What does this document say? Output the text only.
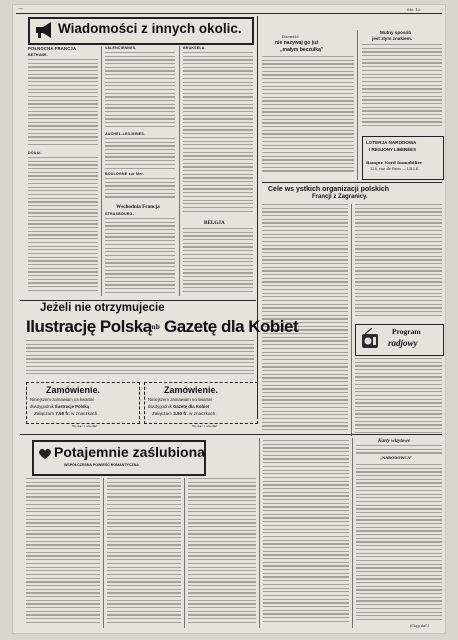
—	Str. 13
Wiadomości z innych okolic.
POŁNOCNA FRANCJA
BETHUNE.
DOUAI.
VALENCIENNES.
AUCHEL-LES-MINES.
BOULOGNE sur Mer.
Wschodnia Francja
STRASBOURG.
BRUKSELA.
BELGJA
Dzewiść
nie nazywaj go już
„małym beczułką”
Mutny sposób
jest zlym znakiem.
LOTERJA NARODOWA
I REGJONY LIBERÉES
Banque Nord Immobilier
125, rue de Paris — LILLE.
Cele ws ystkich organizacji polskich
Francji z Zagranicy.
Program
radjowy
Jeżeli nie otrzymujecie
Ilustrację Polską
lub Gazetę dla Kobiet
Zamówienie.
Niniejszem zamawiam na kwartał
dwutygodnik Ilustracje Polską
Załączam 7.50 fr. w znaczkach.
Wyciąć i odesłać
Zamówienie.
Niniejszem zamawiam na kwartał
dwutygodnik Gazetę dla Kobiet
Załączam 3.50 fr. w znaczkach.
Wyciąć i odesłać
Potajemnie zaślubiona
WSPÓŁCZESNA POWIEŚĆ ROMANTYCZNA
Karty wizytowe
„NARODOWCA”
(Ciąg dal.)
